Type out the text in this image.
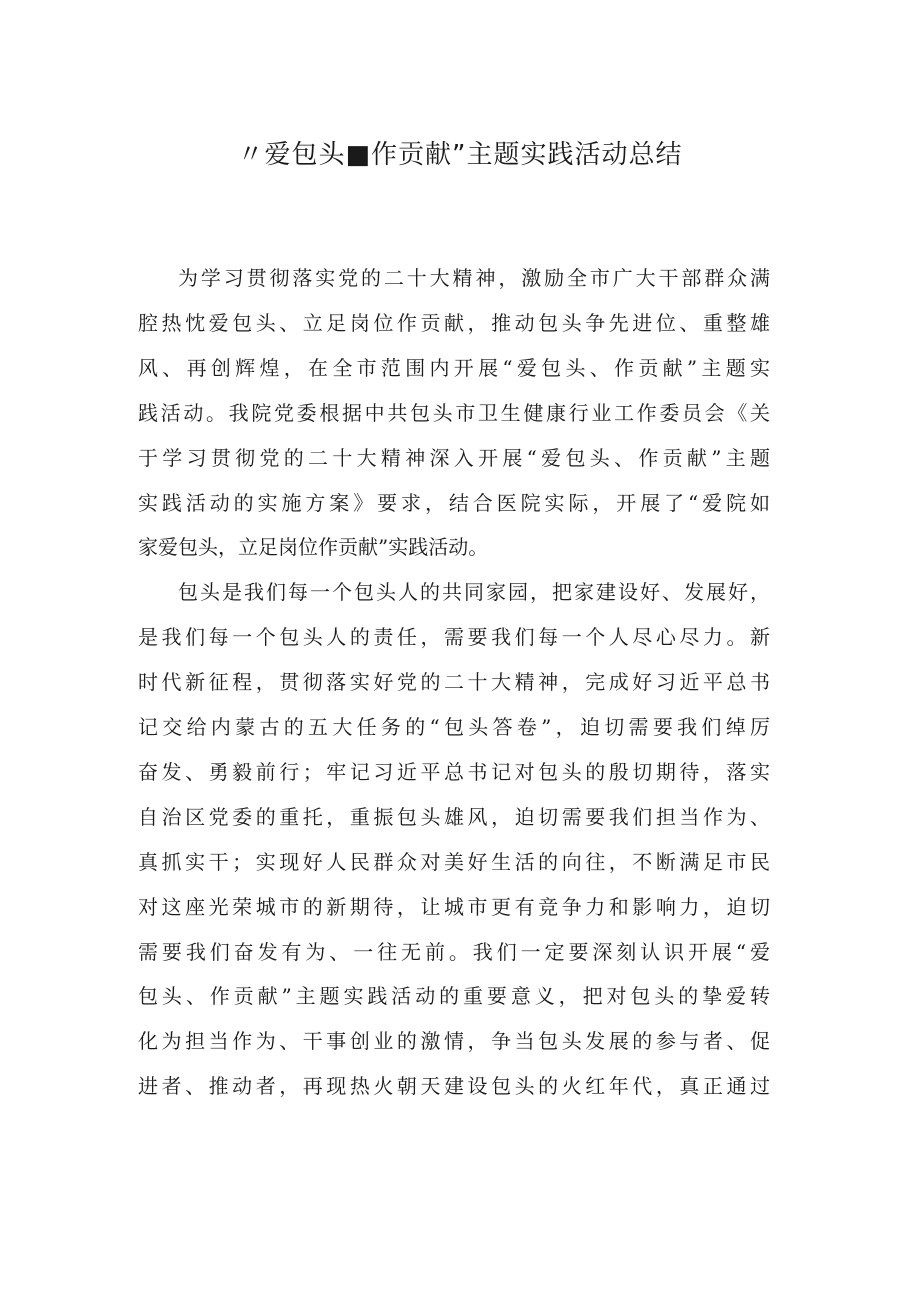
〃爱包头■作贡献”主题实践活动总结
为学习贯彻落实党的二十大精神，激励全市广大干部群众满
腔热忱爱包头、立足岗位作贡献，推动包头争先进位、重整雄
风、再创辉煌，在全市范围内开展“爱包头、作贡献”主题实
践活动。我院党委根据中共包头市卫生健康行业工作委员会《关
于学习贯彻党的二十大精神深入开展“爱包头、作贡献”主题
实践活动的实施方案》要求，结合医院实际，开展了“爱院如
家爱包头，立足岗位作贡献”实践活动。
包头是我们每一个包头人的共同家园，把家建设好、发展好，
是我们每一个包头人的责任，需要我们每一个人尽心尽力。新
时代新征程，贯彻落实好党的二十大精神，完成好习近平总书
记交给内蒙古的五大任务的“包头答卷”，迫切需要我们绰厉
奋发、勇毅前行；牢记习近平总书记对包头的殷切期待，落实
自治区党委的重托，重振包头雄风，迫切需要我们担当作为、
真抓实干；实现好人民群众对美好生活的向往，不断满足市民
对这座光荣城市的新期待，让城市更有竞争力和影响力，迫切
需要我们奋发有为、一往无前。我们一定要深刻认识开展“爱
包头、作贡献”主题实践活动的重要意义，把对包头的挚爱转
化为担当作为、干事创业的激情，争当包头发展的参与者、促
进者、推动者，再现热火朝天建设包头的火红年代，真正通过
